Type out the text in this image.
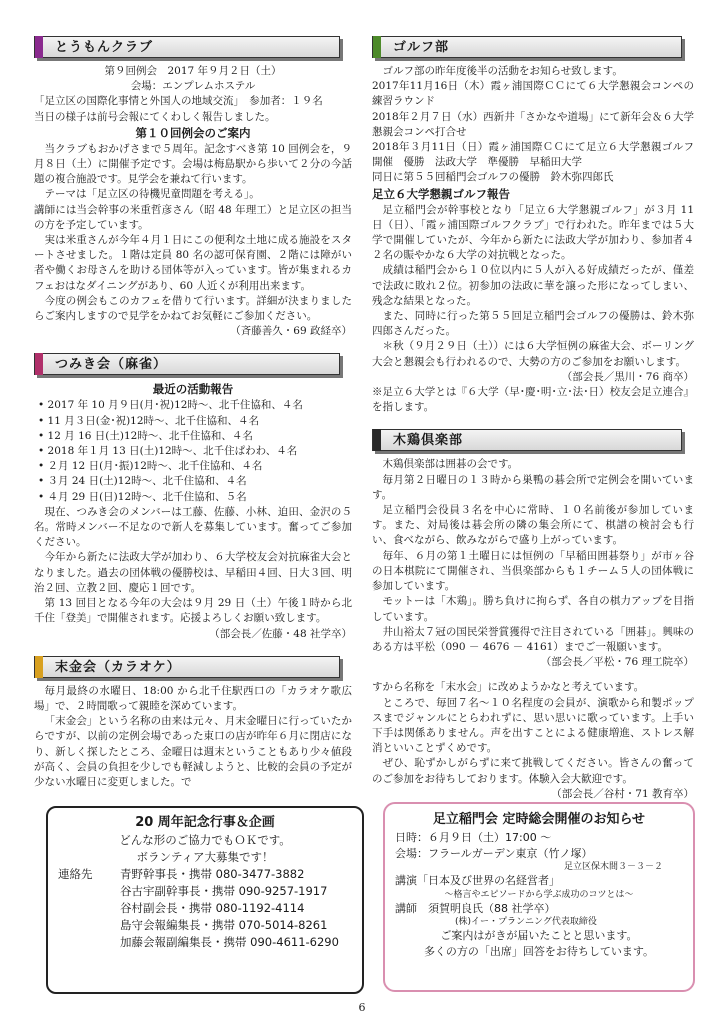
とうもんクラブ

第９回例会　2017 年９月２日（土）

会場：エンプレムホステル

「足立区の国際化事情と外国人の地域交流」　参加者：１９名

当日の様子は前号会報にてくわしく報告しました。

第１０回例会のご案内

当クラブもおかげさまで５周年。記念すべき第 10 回例会を，９月８日（土）に開催予定です。会場は梅島駅から歩いて２分の今話題の複合施設です。見学会を兼ねて行います。

テーマは「足立区の待機児童問題を考える」。

講師には当会幹事の米重哲彦さん（昭 48 年理工）と足立区の担当の方を予定しています。

実は米重さんが今年４月１日にこの便利な土地に成る施設をスタートさせました。１階は定員 80 名の認可保育園、２階には障がい者や働くお母さんを助ける団体等が入っています。皆が集まれるカフェおはなダイニングがあり、60 人近くが利用出来ます。

今度の例会もこのカフェを借りて行います。詳細が決まりましたらご案内しますので見学をかねてお気軽にご参加ください。

（斉藤善久・69 政経卒）

つみき会（麻雀）
最近の活動報告
• 2017 年 10 月９日(月･祝)12時～、北千住協和、４名
• 11 月３日(金･祝)12時～、北千住協和、４名
• 12 月 16 日(土)12時～、北千住協和、４名
• 2018 年１月 13 日(土)12時～、北千住ぱわわ、４名
• ２月 12 日(月･振)12時～、北千住協和、４名
• ３月 24 日(土)12時～、北千住協和、４名
• ４月 29 日(日)12時～、北千住協和、５名

現在、つみき会のメンバーは工藤、佐藤、小林、迫田、金沢の５名。常時メンバー不足なので新人を募集しています。奮ってご参加ください。

今年から新たに法政大学が加わり、６大学校友会対抗麻雀大会となりました。過去の団体戦の優勝校は、早稲田４回、日大３回、明治２回、立教２回、慶応１回です。

第 13 回目となる今年の大会は９月 29 日（土）午後１時から北千住「登美」で開催されます。応援よろしくお願い致します。

（部会長／佐藤・48 社学卒）

末金会（カラオケ）

毎月最終の水曜日、18:00 から北千住駅西口の「カラオケ歌広場」で、２時間歌って親睦を深めています。

「末金会」という名称の由来は元々、月末金曜日に行っていたからですが、以前の定例会場であった東口の店が昨年６月に閉店になり、新しく探したところ、金曜日は週末ということもあり少々値段が高く、会員の負担を少しでも軽減しようと、比較的会員の予定が少ない水曜日に変更しました。で

ゴルフ部

ゴルフ部の昨年度後半の活動をお知らせ致します。

2017年11月16日（木）霞ヶ浦国際ＣＣにて６大学懇親会コンペの練習ラウンド

2018年２月７日（水）西新井「さかなや道場」にて新年会＆６大学懇親会コンペ打合せ

2018年３月11日（日）霞ヶ浦国際ＣＣにて足立６大学懇親ゴルフ開催　優勝　法政大学　準優勝　早稲田大学

同日に第５５回稲門会ゴルフの優勝　鈴木弥四郎氏

足立６大学懇親ゴルフ報告

足立稲門会が幹事校となり「足立６大学懇親ゴルフ」が３月 11 日（日）、「霞ヶ浦国際ゴルフクラブ」で行われた。昨年までは５大学で開催していたが、今年から新たに法政大学が加わり、参加者４２名の賑やかな６大学の対抗戦となった。

成績は稲門会から１０位以内に５人が入る好成績だったが、僅差で法政に敗れ２位。初参加の法政に華を譲った形になってしまい、残念な結果となった。

また、同時に行った第５５回足立稲門会ゴルフの優勝は、鈴木弥四郎さんだった。

＊秋（９月２９日（土））には６大学恒例の麻雀大会、ボーリング大会と懇親会も行われるので、大勢の方のご参加をお願いします。

（部会長／黒川・76 商卒）

※足立６大学とは『６大学（早･慶･明･立･法･日）校友会足立連合』を指します。

木鶏倶楽部

木鶏倶楽部は囲碁の会です。

毎月第２日曜日の１３時から巣鴨の碁会所で定例会を開いています。

足立稲門会役員３名を中心に常時、１０名前後が参加しています。また、対局後は碁会所の隣の集会所にて、棋譜の検討会も行い、食べながら、飲みながらで盛り上がっています。

毎年、６月の第１土曜日には恒例の「早稲田囲碁祭り」が市ヶ谷の日本棋院にて開催され、当倶楽部からも１チーム５人の団体戦に参加しています。

モットーは「木鶏」。勝ち負けに拘らず、各自の棋力アップを目指しています。

井山裕太７冠の国民栄誉賞獲得で注目されている「囲碁」。興味のある方は平松（090 － 4676 － 4161）までご一報願います。

（部会長／平松・76 理工院卒）

すから名称を「末水会」に改めようかなと考えています。

ところで、毎回７名～１０名程度の会員が、演歌から和製ポップスまでジャンルにとらわれずに、思い思いに歌っています。上手い下手は関係ありません。声を出すことによる健康増進、ストレス解消といいことずくめです。

ぜひ、恥ずかしがらずに来て挑戦してください。皆さんの奮ってのご参加をお待ちしております。体験入会大歓迎です。

（部会長／谷村・71 教育卒）

20 周年記念行事＆企画
どんな形のご協力でもＯＫです。
ボランティア大募集です！
連絡先	青野幹事長・携帯 080-3477-3882
谷古宇副幹事長・携帯 090-9257-1917
谷村副会長・携帯 080-1192-4114
島守会報編集長・携帯 070-5014-8261
加藤会報副編集長・携帯 090-4611-6290
足立稲門会 定時総会開催のお知らせ
日時：６月９日（土）17:00 ～
会場：フラールガーデン東京（竹ノ塚）
足立区保木間３－３－２
講演「日本及び世界の名経営者」
～格言やエピソードから学ぶ成功のコツとは～
講師　須賀明良氏（88 社学卒）
(株)イー・プランニング代表取締役
ご案内はがきが届いたことと思います。
多くの方の「出席」回答をお待ちしています。
6
